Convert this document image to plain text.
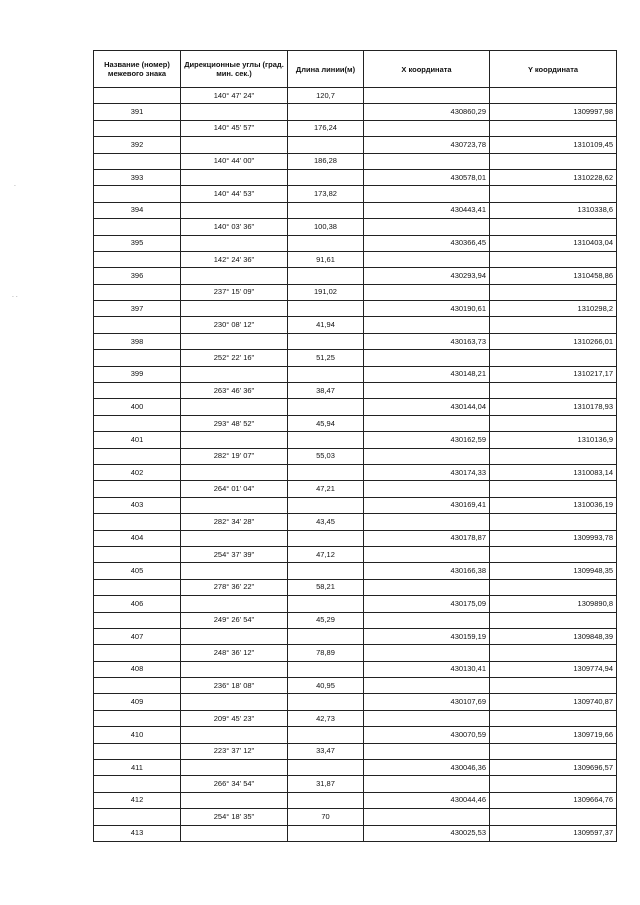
·
· ·
Название (номер) межевого знака	Дирекционные углы (град. мин. сек.)	Длина линии(м)	X координата	Y координата
	140° 47' 24"	120,7		
391			430860,29	1309997,98
	140° 45' 57"	176,24		
392			430723,78	1310109,45
	140° 44' 00"	186,28		
393			430578,01	1310228,62
	140° 44' 53"	173,82		
394			430443,41	1310338,6
	140° 03' 36"	100,38		
395			430366,45	1310403,04
	142° 24' 36"	91,61		
396			430293,94	1310458,86
	237° 15' 09"	191,02		
397			430190,61	1310298,2
	230° 08' 12"	41,94		
398			430163,73	1310266,01
	252° 22' 16"	51,25		
399			430148,21	1310217,17
	263° 46' 36"	38,47		
400			430144,04	1310178,93
	293° 48' 52"	45,94		
401			430162,59	1310136,9
	282° 19' 07"	55,03		
402			430174,33	1310083,14
	264° 01' 04"	47,21		
403			430169,41	1310036,19
	282° 34' 28"	43,45		
404			430178,87	1309993,78
	254° 37' 39"	47,12		
405			430166,38	1309948,35
	278° 36' 22"	58,21		
406			430175,09	1309890,8
	249° 26' 54"	45,29		
407			430159,19	1309848,39
	248° 36' 12"	78,89		
408			430130,41	1309774,94
	236° 18' 08"	40,95		
409			430107,69	1309740,87
	209° 45' 23"	42,73		
410			430070,59	1309719,66
	223° 37' 12"	33,47		
411			430046,36	1309696,57
	266° 34' 54"	31,87		
412			430044,46	1309664,76
	254° 18' 35"	70		
413			430025,53	1309597,37
